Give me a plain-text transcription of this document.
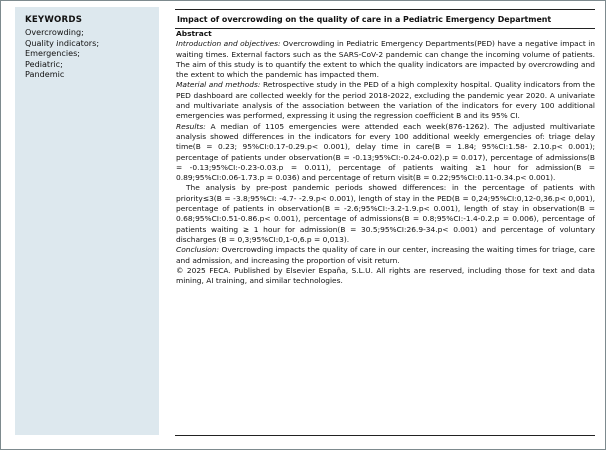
KEYWORDS
Overcrowding;
Quality indicators;
Emergencies;
Pediatric;
Pandemic
Impact of overcrowding on the quality of care in a Pediatric Emergency Department

Abstract

Introduction and objectives: Overcrowding in Pediatric Emergency Departments(PED) have a negative impact in waiting times. External factors such as the SARS-CoV-2 pandemic can change the incoming volume of patients. The aim of this study is to quantify the extent to which the quality indicators are impacted by overcrowding and the extent to which the pandemic has impacted them.

Material and methods: Retrospective study in the PED of a high complexity hospital. Quality indicators from the PED dashboard are collected weekly for the period 2018-2022, excluding the pandemic year 2020. A univariate and multivariate analysis of the association between the variation of the indicators for every 100 additional emergencies was performed, expressing it using the regression coefficient B and its 95% CI.

Results: A median of 1105 emergencies were attended each week(876-1262). The adjusted multivariate analysis showed differences in the indicators for every 100 additional weekly emergencies of: triage delay time(B = 0.23; 95%CI:0.17-0.29.p< 0.001), delay time in care(B = 1.84; 95%CI:1.58- 2.10.p< 0.001); percentage of patients under observation(B = -0.13;95%CI:-0.24-0.02).p = 0.017), percentage of admissions(B = -0.13;95%CI:-0.23-0.03.p = 0.011), percentage of patients waiting ≥1 hour for admission(B = 0.89;95%CI:0.06-1.73.p = 0.036) and percentage of return visit(B = 0.22;95%CI:0.11-0.34.p< 0.001).

The analysis by pre-post pandemic periods showed differences: in the percentage of patients with priority≤3(B = -3.8;95%CI: -4.7- -2.9.p< 0.001), length of stay in the PED(B = 0,24;95%CI:0,12-0,36.p< 0,001), percentage of patients in observation(B = -2.6;95%CI:-3.2-1.9.p< 0.001), length of stay in observation(B = 0.68;95%CI:0.51-0.86.p< 0.001), percentage of admissions(B = 0.8;95%CI:-1.4-0.2.p = 0.006), percentage of patients waiting ≥ 1 hour for admission(B = 30.5;95%CI:26.9-34.p< 0.001) and percentage of voluntary discharges (B = 0,3;95%CI:0,1-0,6.p = 0,013).

Conclusion: Overcrowding impacts the quality of care in our center, increasing the waiting times for triage, care and admission, and increasing the proportion of visit return.

© 2025 FECA. Published by Elsevier España, S.L.U. All rights are reserved, including those for text and data mining, AI training, and similar technologies.
